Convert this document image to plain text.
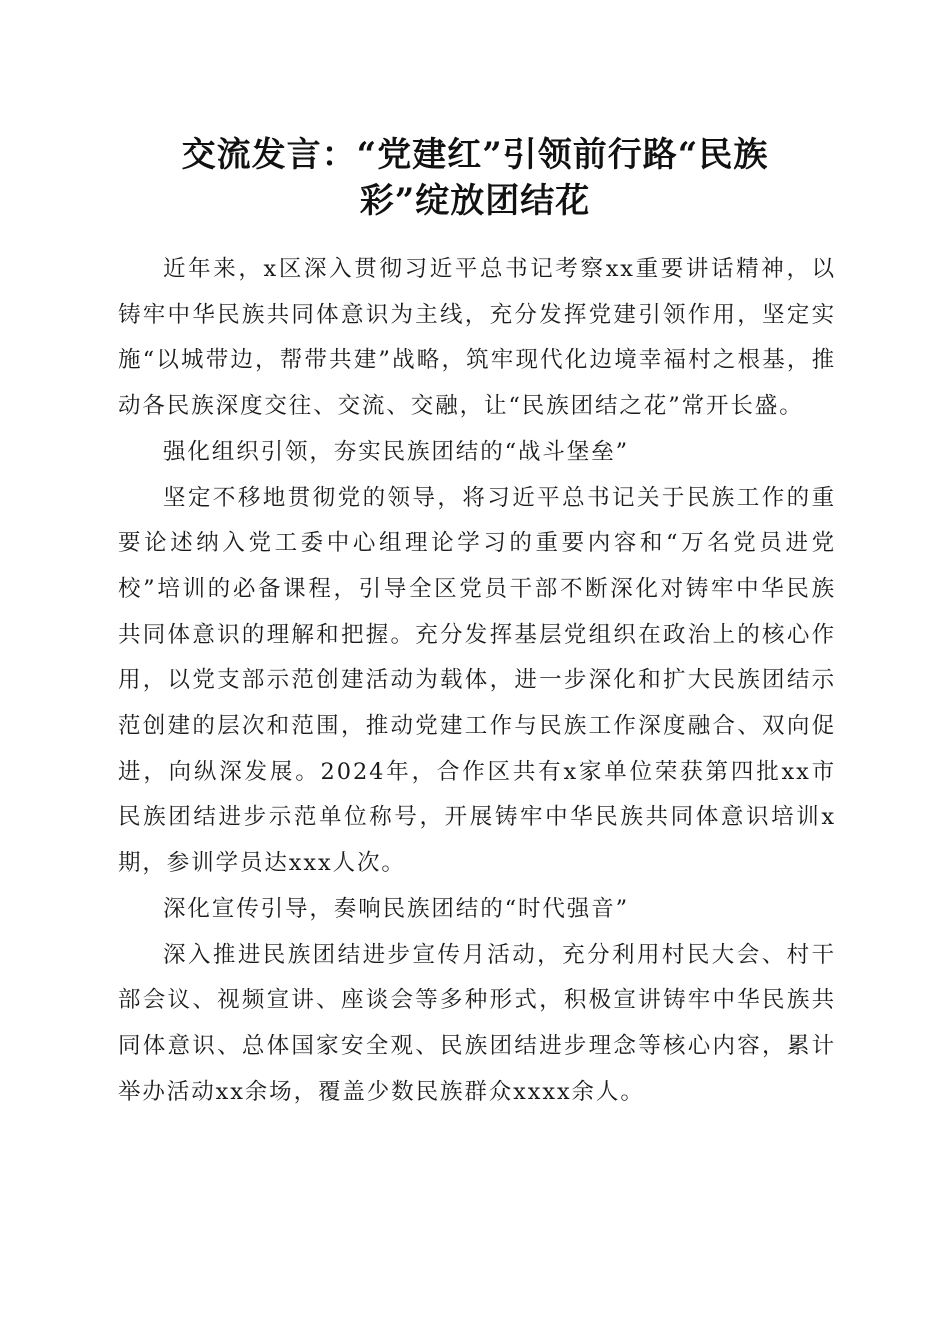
交流发言：“党建红”引领前行路“民族
彩”绽放团结花

近年来，x区深入贯彻习近平总书记考察xx重要讲话精神，以铸牢中华民族共同体意识为主线，充分发挥党建引领作用，坚定实施“以城带边，帮带共建”战略，筑牢现代化边境幸福村之根基，推动各民族深度交往、交流、交融，让“民族团结之花”常开长盛。

强化组织引领，夯实民族团结的“战斗堡垒”

坚定不移地贯彻党的领导，将习近平总书记关于民族工作的重要论述纳入党工委中心组理论学习的重要内容和“万名党员进党校”培训的必备课程，引导全区党员干部不断深化对铸牢中华民族共同体意识的理解和把握。充分发挥基层党组织在政治上的核心作用，以党支部示范创建活动为载体，进一步深化和扩大民族团结示范创建的层次和范围，推动党建工作与民族工作深度融合、双向促进，向纵深发展。2024年，合作区共有x家单位荣获第四批xx市民族团结进步示范单位称号，开展铸牢中华民族共同体意识培训x期，参训学员达xxx人次。

深化宣传引导，奏响民族团结的“时代强音”

深入推进民族团结进步宣传月活动，充分利用村民大会、村干部会议、视频宣讲、座谈会等多种形式，积极宣讲铸牢中华民族共同体意识、总体国家安全观、民族团结进步理念等核心内容，累计举办活动xx余场，覆盖少数民族群众xxxx余人。
